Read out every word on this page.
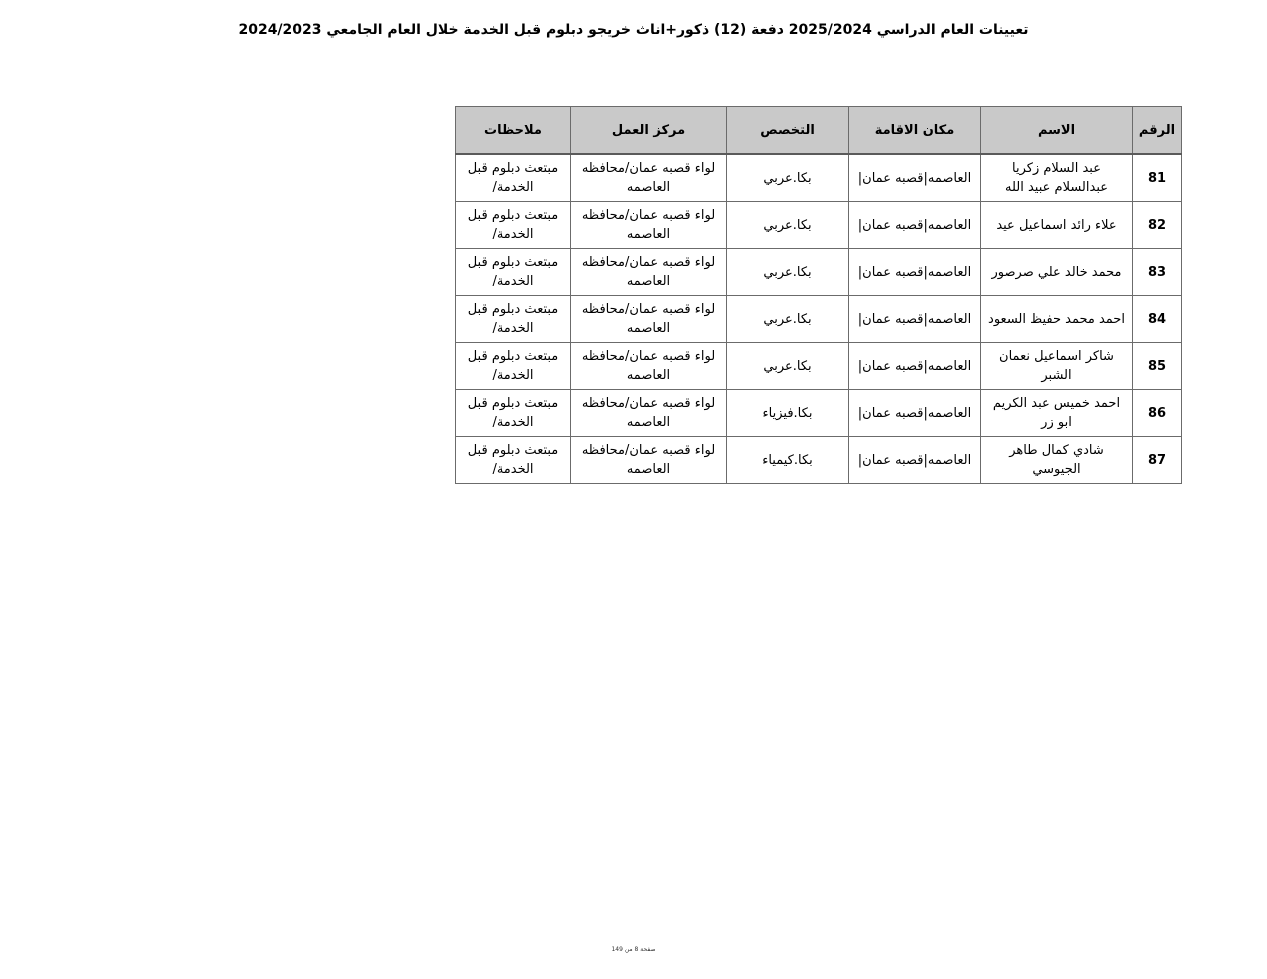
تعيينات العام الدراسي 2025/2024 دفعة (12) ذكور+اناث خريجو دبلوم قبل الخدمة خلال العام الجامعي 2024/2023
الرقم	الاسم	مكان الاقامة	التخصص	مركز العمل	ملاحظات
81	عبد السلام زكريا عبدالسلام عبيد الله	العاصمه|قصبه عمان|	بكا.عربي	لواء قصبه عمان/محافظه العاصمه	مبتعث دبلوم قبل الخدمة/
82	علاء رائد اسماعيل عيد	العاصمه|قصبه عمان|	بكا.عربي	لواء قصبه عمان/محافظه العاصمه	مبتعث دبلوم قبل الخدمة/
83	محمد خالد علي صرصور	العاصمه|قصبه عمان|	بكا.عربي	لواء قصبه عمان/محافظه العاصمه	مبتعث دبلوم قبل الخدمة/
84	احمد محمد حفيظ السعود	العاصمه|قصبه عمان|	بكا.عربي	لواء قصبه عمان/محافظه العاصمه	مبتعث دبلوم قبل الخدمة/
85	شاكر اسماعيل نعمان الشبر	العاصمه|قصبه عمان|	بكا.عربي	لواء قصبه عمان/محافظه العاصمه	مبتعث دبلوم قبل الخدمة/
86	احمد خميس عبد الكريم ابو زر	العاصمه|قصبه عمان|	بكا.فيزياء	لواء قصبه عمان/محافظه العاصمه	مبتعث دبلوم قبل الخدمة/
87	شادي كمال طاهر الجيوسي	العاصمه|قصبه عمان|	بكا.كيمياء	لواء قصبه عمان/محافظه العاصمه	مبتعث دبلوم قبل الخدمة/
صفحة 8 من 149
